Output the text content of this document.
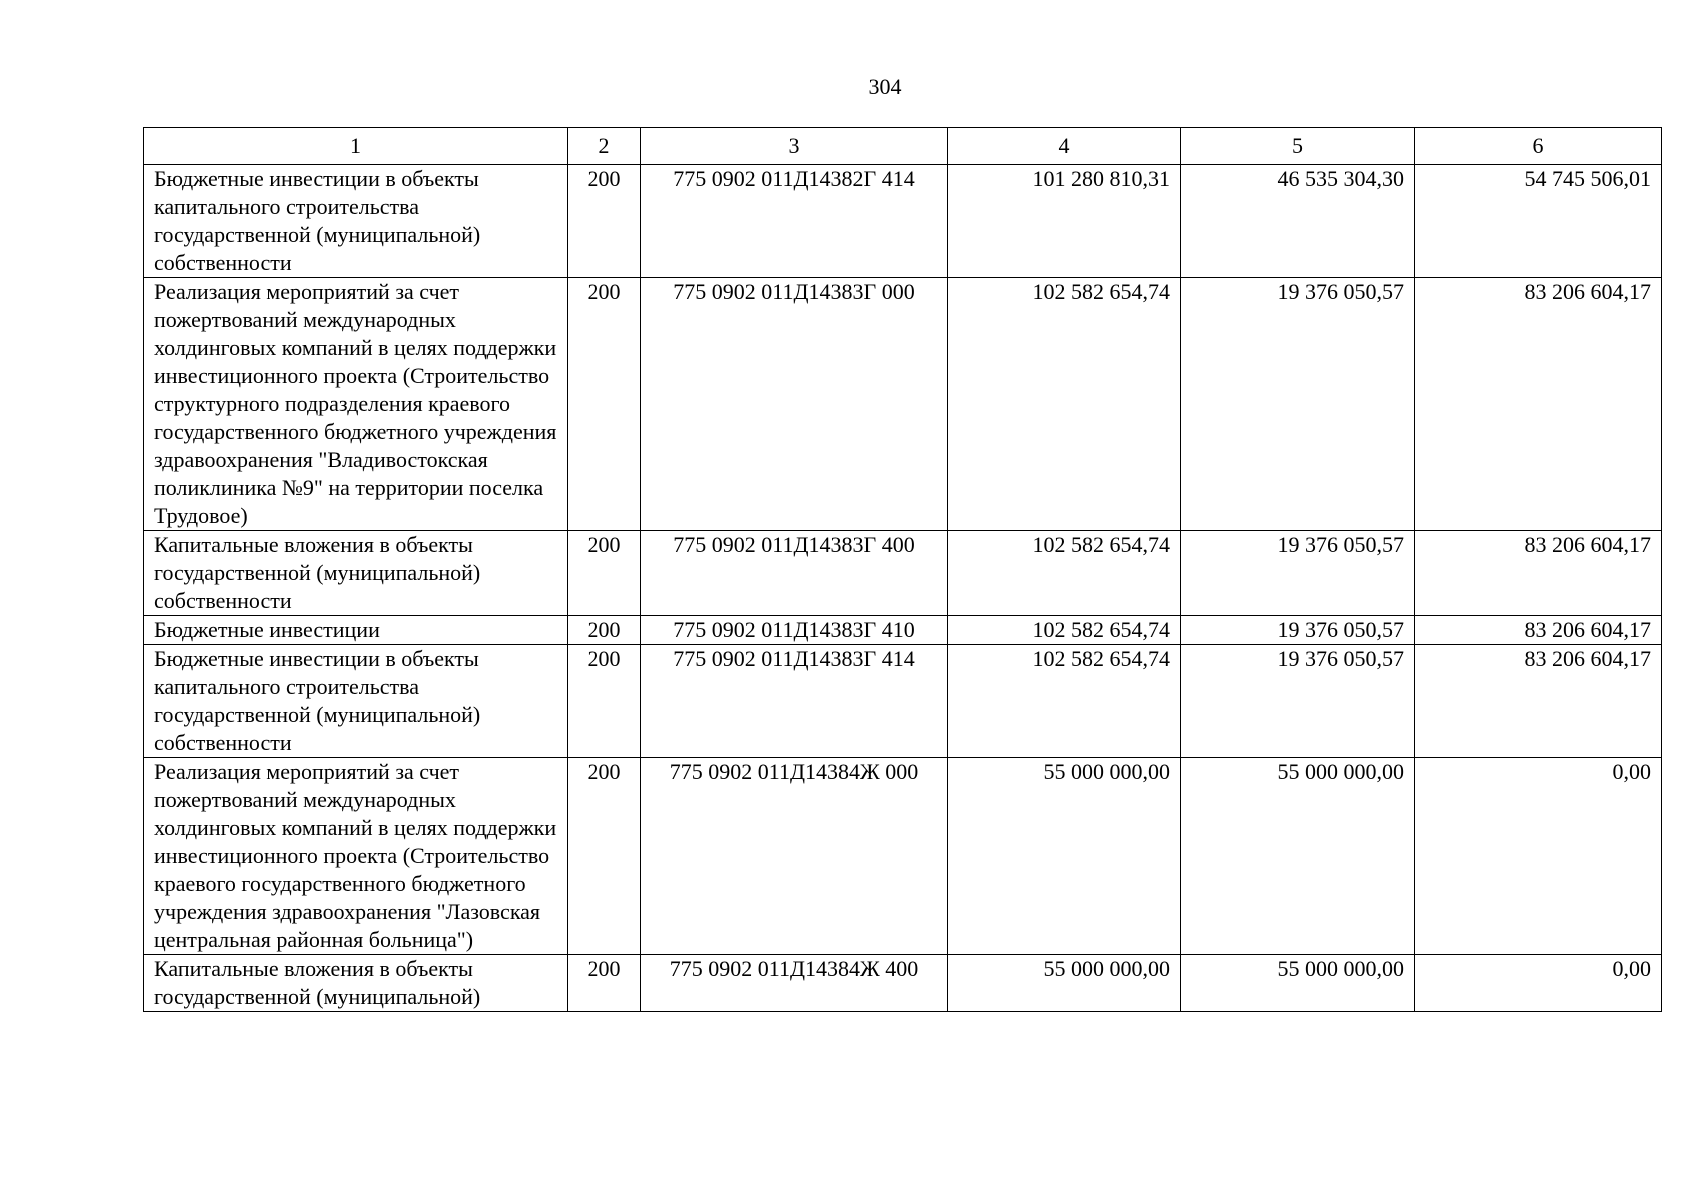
304
1	2	3	4	5	6
Бюджетные инвестиции в объекты капитального строительства государственной (муниципальной) собственности	200	775 0902 011Д14382Г 414	101 280 810,31	46 535 304,30	54 745 506,01
Реализация мероприятий за счет пожертвований международных холдинговых компаний в целях поддержки инвестиционного проекта (Строительство структурного подразделения краевого государственного бюджетного учреждения здравоохранения "Владивостокская поликлиника №9" на территории поселка Трудовое)	200	775 0902 011Д14383Г 000	102 582 654,74	19 376 050,57	83 206 604,17
Капитальные вложения в объекты государственной (муниципальной) собственности	200	775 0902 011Д14383Г 400	102 582 654,74	19 376 050,57	83 206 604,17
Бюджетные инвестиции	200	775 0902 011Д14383Г 410	102 582 654,74	19 376 050,57	83 206 604,17
Бюджетные инвестиции в объекты капитального строительства государственной (муниципальной) собственности	200	775 0902 011Д14383Г 414	102 582 654,74	19 376 050,57	83 206 604,17
Реализация мероприятий за счет пожертвований международных холдинговых компаний в целях поддержки инвестиционного проекта (Строительство краевого государственного бюджетного учреждения здравоохранения "Лазовская центральная районная больница")	200	775 0902 011Д14384Ж 000	55 000 000,00	55 000 000,00	0,00
Капитальные вложения в объекты государственной (муниципальной)	200	775 0902 011Д14384Ж 400	55 000 000,00	55 000 000,00	0,00
